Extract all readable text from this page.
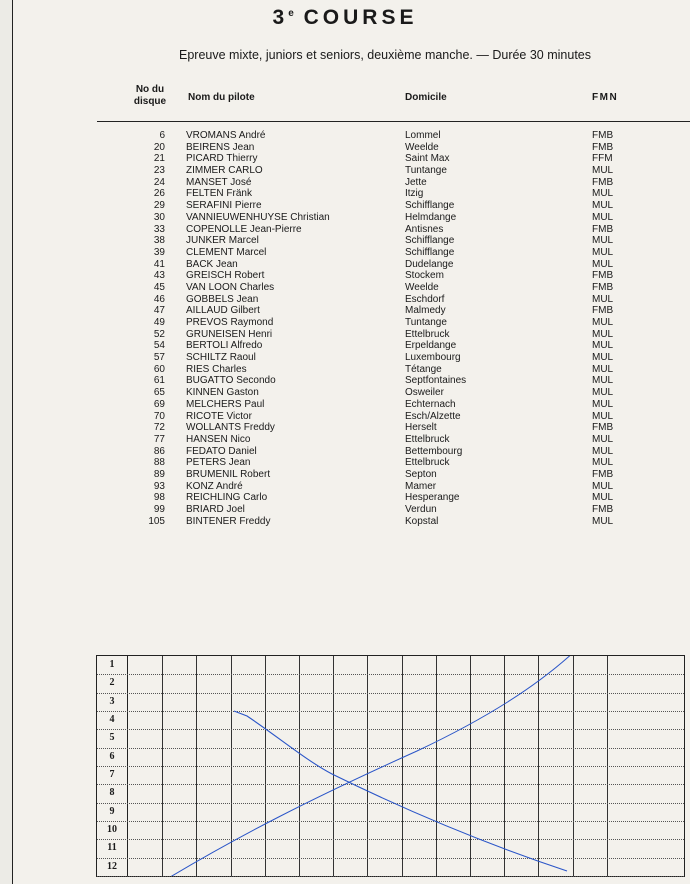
3e COURSE
Epreuve mixte, juniors et seniors, deuxième manche. — Durée 30 minutes
No du
disque	Nom du pilote	Domicile	FMN
6 VROMANS André	Lommel	FMB
20 BEIRENS Jean	Weelde	FMB
21 PICARD Thierry	Saint Max	FFM
23 ZIMMER CARLO	Tuntange	MUL
24 MANSET José	Jette	FMB
26 FELTEN Fränk	Itzig	MUL
29 SERAFINI Pierre	Schifflange	MUL
30 VANNIEUWENHUYSE Christian	Helmdange	MUL
33 COPENOLLE Jean-Pierre	Antisnes	FMB
38 JUNKER Marcel	Schifflange	MUL
39 CLEMENT Marcel	Schifflange	MUL
41 BACK Jean	Dudelange	MUL
43 GREISCH Robert	Stockem	FMB
45 VAN LOON Charles	Weelde	FMB
46 GOBBELS Jean	Eschdorf	MUL
47 AILLAUD Gilbert	Malmedy	FMB
49 PREVOS Raymond	Tuntange	MUL
52 GRUNEISEN Henri	Ettelbruck	MUL
54 BERTOLI Alfredo	Erpeldange	MUL
57 SCHILTZ Raoul	Luxembourg	MUL
60 RIES Charles	Tétange	MUL
61 BUGATTO Secondo	Septfontaines	MUL
65 KINNEN Gaston	Osweiler	MUL
69 MELCHERS Paul	Echternach	MUL
70 RICOTE Victor	Esch/Alzette	MUL
72 WOLLANTS Freddy	Herselt	FMB
77 HANSEN Nico	Ettelbruck	MUL
86 FEDATO Daniel	Bettembourg	MUL
88 PETERS Jean	Ettelbruck	MUL
89 BRUMENIL Robert	Septon	FMB
93 KONZ André	Mamer	MUL
98 REICHLING Carlo	Hesperange	MUL
99 BRIARD Joel	Verdun	FMB
105 BINTENER Freddy	Kopstal	MUL
12
11
10
9
8
7
6
5
4
3
2
1
